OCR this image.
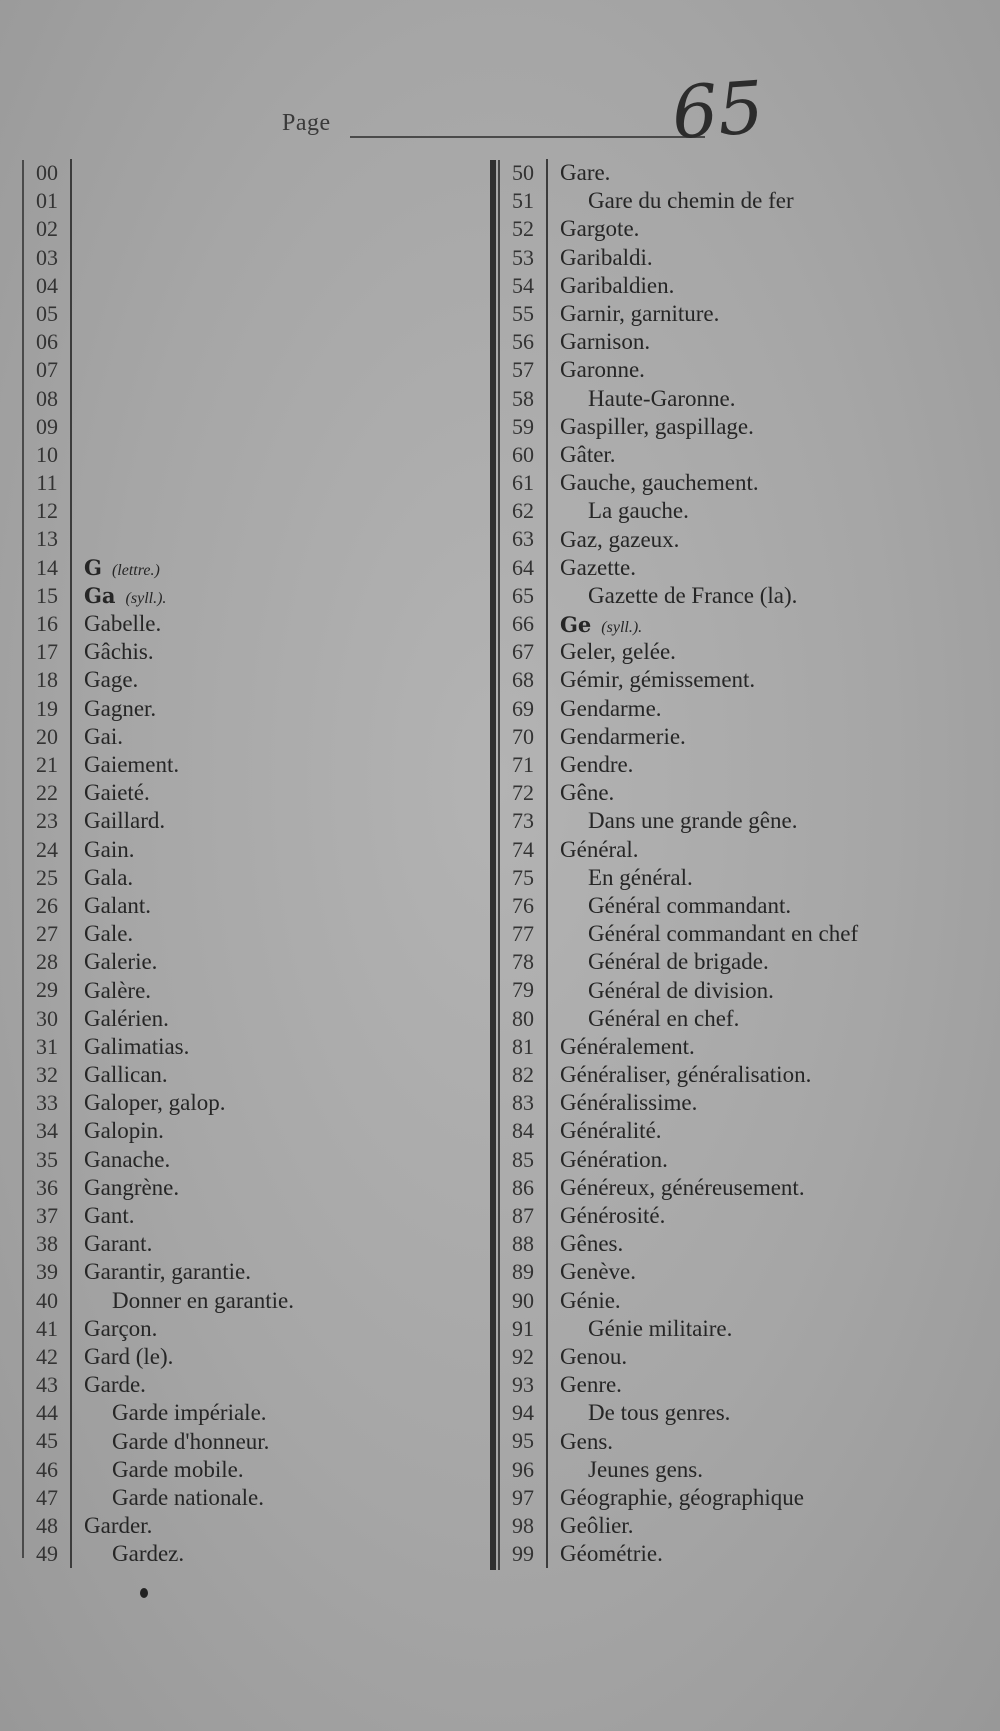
Page	65
00
01
02
03
04
05
06
07
08
09
10
11
12
13
14	G (lettre.)
15	Ga (syll.).
16	Gabelle.
17	Gâchis.
18	Gage.
19	Gagner.
20	Gai.
21	Gaiement.
22	Gaieté.
23	Gaillard.
24	Gain.
25	Gala.
26	Galant.
27	Gale.
28	Galerie.
29	Galère.
30	Galérien.
31	Galimatias.
32	Gallican.
33	Galoper, galop.
34	Galopin.
35	Ganache.
36	Gangrène.
37	Gant.
38	Garant.
39	Garantir, garantie.
40	Donner en garantie.
41	Garçon.
42	Gard (le).
43	Garde.
44	Garde impériale.
45	Garde d'honneur.
46	Garde mobile.
47	Garde nationale.
48	Garder.
49	Gardez.
50	Gare.
51	Gare du chemin de fer
52	Gargote.
53	Garibaldi.
54	Garibaldien.
55	Garnir, garniture.
56	Garnison.
57	Garonne.
58	Haute-Garonne.
59	Gaspiller, gaspillage.
60	Gâter.
61	Gauche, gauchement.
62	La gauche.
63	Gaz, gazeux.
64	Gazette.
65	Gazette de France (la).
66	Ge (syll.).
67	Geler, gelée.
68	Gémir, gémissement.
69	Gendarme.
70	Gendarmerie.
71	Gendre.
72	Gêne.
73	Dans une grande gêne.
74	Général.
75	En général.
76	Général commandant.
77	Général commandant en chef
78	Général de brigade.
79	Général de division.
80	Général en chef.
81	Généralement.
82	Généraliser, généralisation.
83	Généralissime.
84	Généralité.
85	Génération.
86	Généreux, généreusement.
87	Générosité.
88	Gênes.
89	Genève.
90	Génie.
91	Génie militaire.
92	Genou.
93	Genre.
94	De tous genres.
95	Gens.
96	Jeunes gens.
97	Géographie, géographique
98	Geôlier.
99	Géométrie.
